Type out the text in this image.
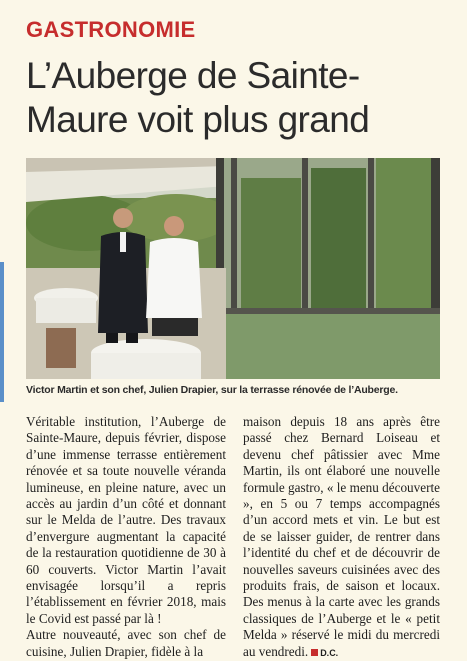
GASTRONOMIE
L’Auberge de Sainte-Maure voit plus grand
Victor Martin et son chef, Julien Drapier, sur la terrasse rénovée de l’Auberge.

Véritable institution, l’Auberge de Sainte-Maure, depuis février, dispose d’une immense terrasse entièrement rénovée et sa toute nouvelle véranda lumineuse, en pleine nature, avec un accès au jardin d’un côté et donnant sur le Melda de l’autre. Des travaux d’envergure augmentant la capacité de la restauration quotidienne de 30 à 60 couverts. Victor Martin l’avait envisagée lorsqu’il a repris l’établissement en février 2018, mais le Covid est passé par là !

Autre nouveauté, avec son chef de cuisine, Julien Drapier, fidèle à la

maison depuis 18 ans après être passé chez Bernard Loiseau et devenu chef pâtissier avec Mme Martin, ils ont élaboré une nouvelle formule gastro, « le menu découverte », en 5 ou 7 temps accompagnés d’un accord mets et vin. Le but est de se laisser guider, de rentrer dans l’identité du chef et de découvrir de nouvelles saveurs cuisinées avec des produits frais, de saison et locaux. Des menus à la carte avec les grands classiques de l’Auberge et le « petit Melda » réservé le midi du mercredi au vendredi. D.C.
